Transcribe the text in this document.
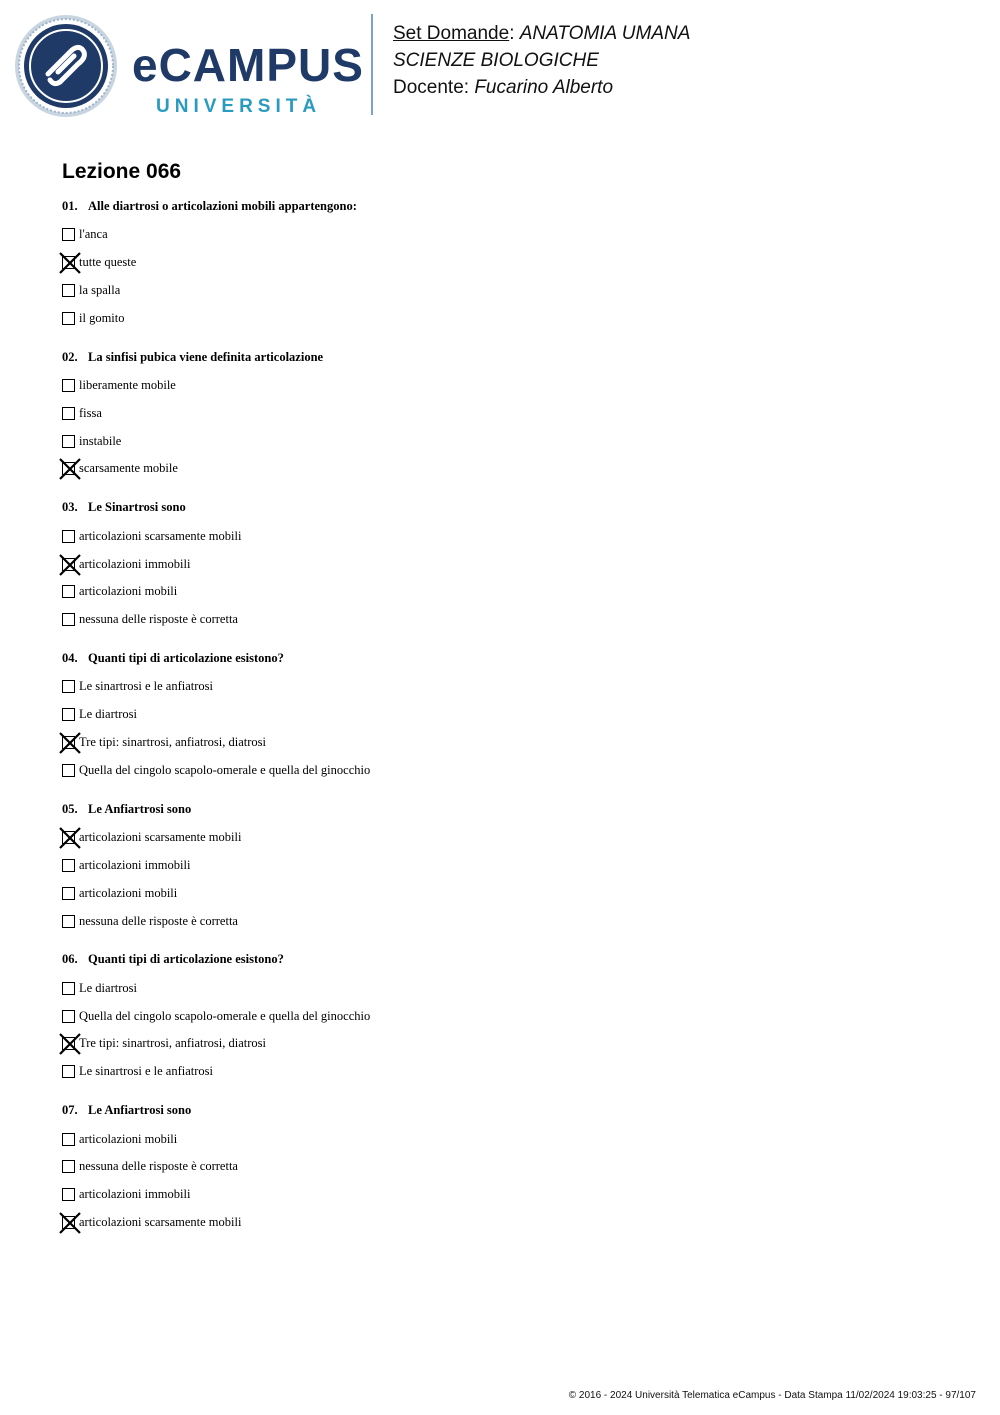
eCAMPUS
UNIVERSITÀ
Set Domande: ANATOMIA UMANA
SCIENZE BIOLOGICHE
Docente: Fucarino Alberto
Lezione 066
01. Alle diartrosi o articolazioni mobili appartengono:
l'anca
tutte queste
la spalla
il gomito
02. La sinfisi pubica viene definita articolazione
liberamente mobile
fissa
instabile
scarsamente mobile
03. Le Sinartrosi sono
articolazioni scarsamente mobili
articolazioni immobili
articolazioni mobili
nessuna delle risposte è corretta
04. Quanti tipi di articolazione esistono?
Le sinartrosi e le anfiatrosi
Le diartrosi
Tre tipi: sinartrosi, anfiatrosi, diatrosi
Quella del cingolo scapolo-omerale e quella del ginocchio
05. Le Anfiartrosi sono
articolazioni scarsamente mobili
articolazioni immobili
articolazioni mobili
nessuna delle risposte è corretta
06. Quanti tipi di articolazione esistono?
Le diartrosi
Quella del cingolo scapolo-omerale e quella del ginocchio
Tre tipi: sinartrosi, anfiatrosi, diatrosi
Le sinartrosi e le anfiatrosi
07. Le Anfiartrosi sono
articolazioni mobili
nessuna delle risposte è corretta
articolazioni immobili
articolazioni scarsamente mobili
© 2016 - 2024 Università Telematica eCampus - Data Stampa 11/02/2024 19:03:25 - 97/107
